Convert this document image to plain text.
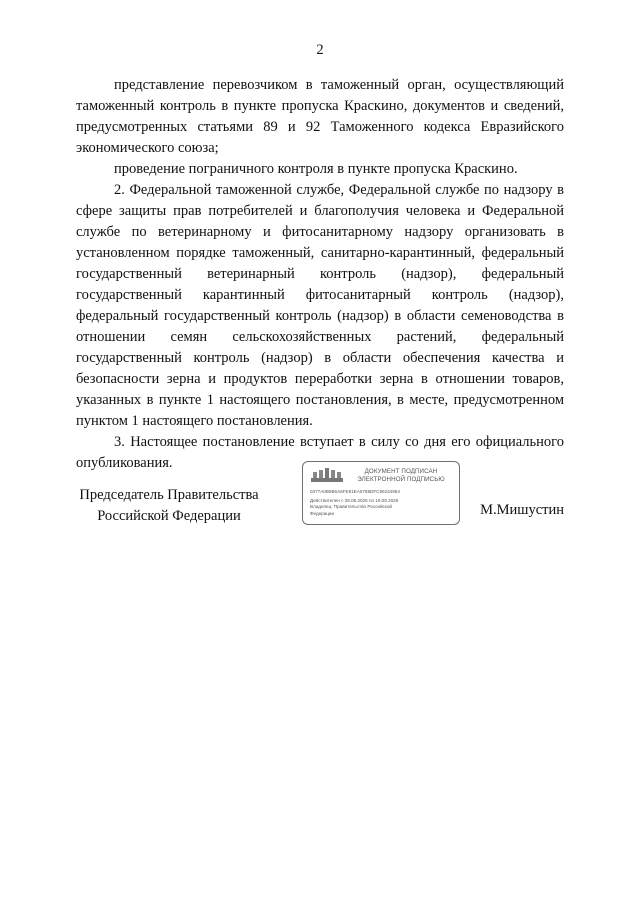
2

представление перевозчиком в таможенный орган, осуществляющий таможенный контроль в пункте пропуска Краскино, документов и сведений, предусмотренных статьями 89 и 92 Таможенного кодекса Евразийского экономического союза;

проведение пограничного контроля в пункте пропуска Краскино.

2. Федеральной таможенной службе, Федеральной службе по надзору в сфере защиты прав потребителей и благополучия человека и Федеральной службе по ветеринарному и фитосанитарному надзору организовать в установленном порядке таможенный, санитарно-карантинный, федеральный государственный ветеринарный контроль (надзор), федеральный государственный карантинный фитосанитарный контроль (надзор), федеральный государственный контроль (надзор) в области семеноводства в отношении семян сельскохозяйственных растений, федеральный государственный контроль (надзор) в области обеспечения качества и безопасности зерна и продуктов переработки зерна в отношении товаров, указанных в пункте 1 настоящего постановления, в месте, предусмотренном пунктом 1 настоящего постановления.

3. Настоящее постановление вступает в силу со дня его официального опубликования.

Председатель Правительства
Российской Федерации
ДОКУМЕНТ ПОДПИСАН
ЭЛЕКТРОННОЙ ПОДПИСЬЮ
0377A0B9B6A6FE91EA0759DFC59234954
Действителен с 28.06.2025 по 19.09.2026
Владелец: Правительство Российской
Федерации	М.Мишустин
